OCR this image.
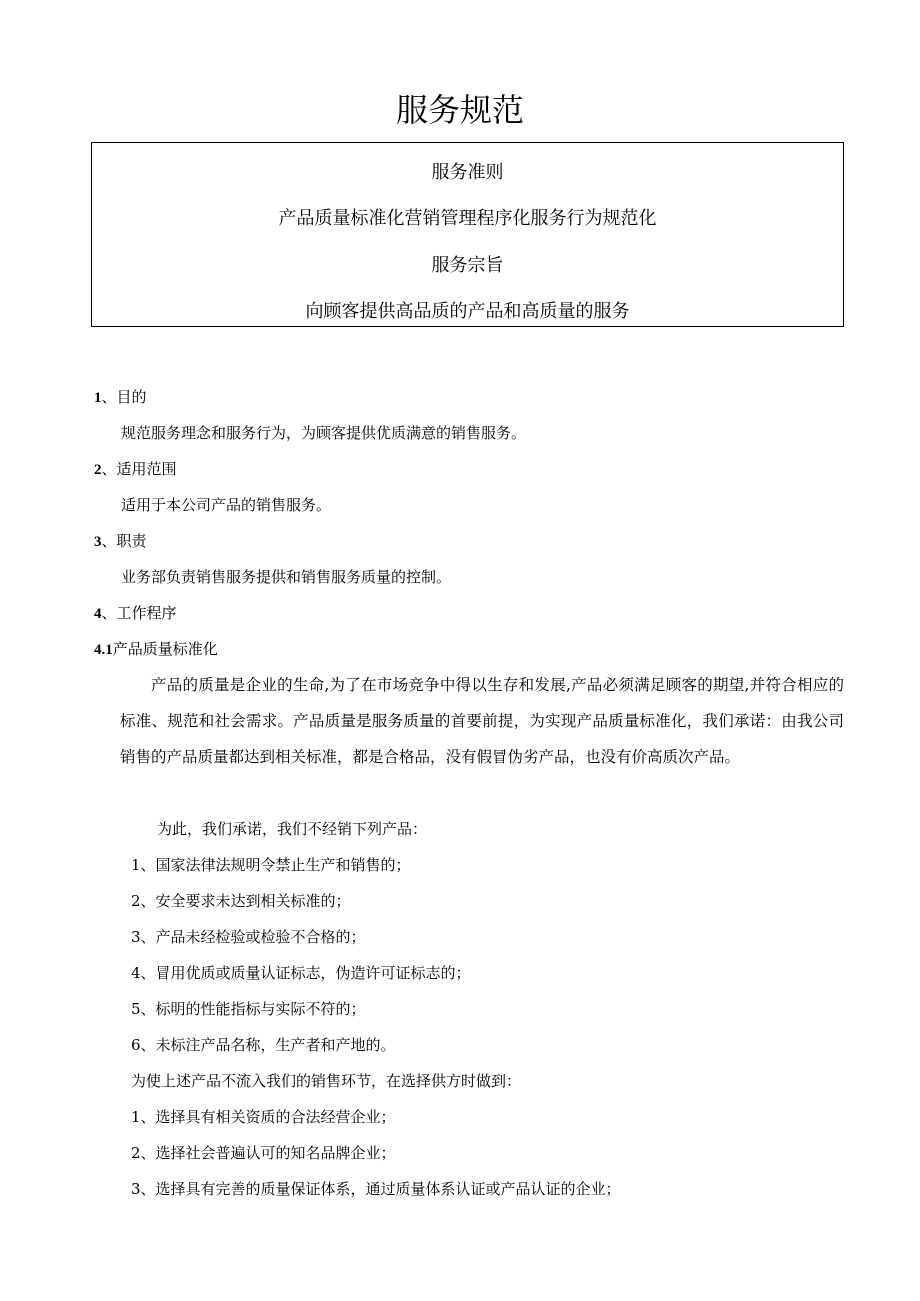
服务规范
服务准则
产品质量标准化营销管理程序化服务行为规范化
服务宗旨
向顾客提供高品质的产品和高质量的服务
1、目的
规范服务理念和服务行为，为顾客提供优质满意的销售服务。
2、适用范围
适用于本公司产品的销售服务。
3、职责
业务部负责销售服务提供和销售服务质量的控制。
4、工作程序
4.1产品质量标准化

产品的质量是企业的生命,为了在市场竞争中得以生存和发展,产品必须满足顾客的期望,并符合相应的标准、规范和社会需求。产品质量是服务质量的首要前提，为实现产品质量标准化，我们承诺：由我公司销售的产品质量都达到相关标准，都是合格品，没有假冒伪劣产品，也没有价高质次产品。

为此，我们承诺，我们不经销下列产品：
1、国家法律法规明令禁止生产和销售的；
2、安全要求未达到相关标准的；
3、产品未经检验或检验不合格的；
4、冒用优质或质量认证标志，伪造许可证标志的；
5、标明的性能指标与实际不符的；
6、未标注产品名称，生产者和产地的。
为使上述产品不流入我们的销售环节，在选择供方时做到：
1、选择具有相关资质的合法经营企业；
2、选择社会普遍认可的知名品牌企业；
3、选择具有完善的质量保证体系，通过质量体系认证或产品认证的企业；
